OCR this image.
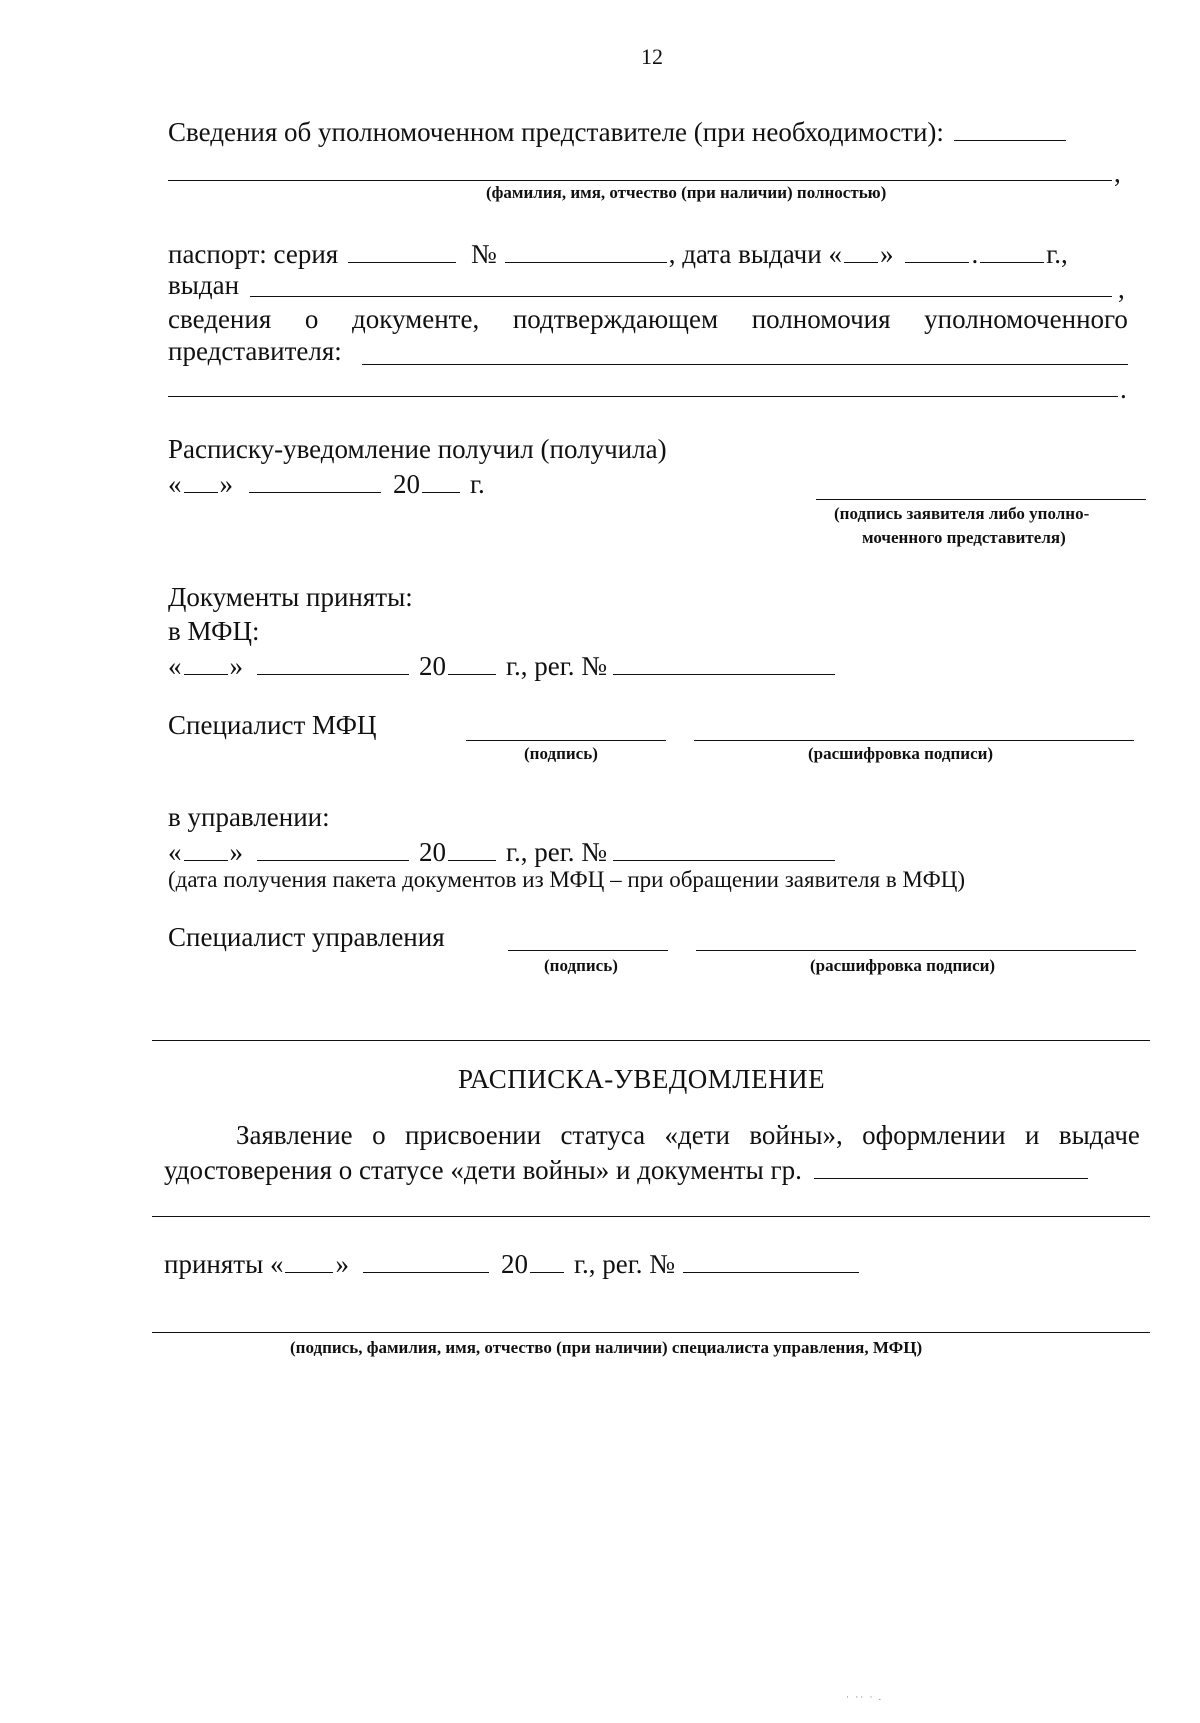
12
Сведения об уполномоченном представителе (при необходимости):
,
(фамилия, имя, отчество (при наличии) полностью)
паспорт: серия	№	, дата выдачи « »	.	г.,
выдан	,
сведения о документе, подтверждающем полномочия уполномоченного
представителя:
.
Расписку-уведомление получил (получила)
« »	20 г.
(подпись заявителя либо уполно-
моченного представителя)
Документы приняты:
в МФЦ:
« »	20 г., рег. №
Специалист МФЦ
(подпись)	(расшифровка подписи)
в управлении:
« »	20 г., рег. №
(дата получения пакета документов из МФЦ – при обращении заявителя в МФЦ)
Специалист управления
(подпись)	(расшифровка подписи)
РАСПИСКА-УВЕДОМЛЕНИЕ
Заявление о присвоении статуса «дети войны», оформлении и выдаче
удостоверения о статусе «дети войны» и документы гр.
приняты « »	20 г., рег. №
(подпись, фамилия, имя, отчество (при наличии) специалиста управления, МФЦ)
· ·· · .
